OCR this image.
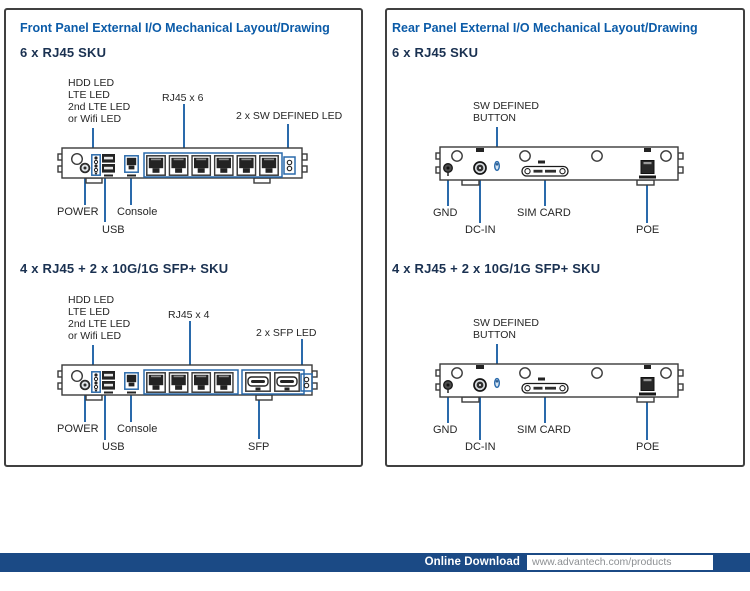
Front Panel External I/O Mechanical Layout/Drawing
6 x RJ45 SKU
HDD LED
LTE LED
2nd LTE LED
or Wifi LED
RJ45 x 6
2 x SW DEFINED LED
POWER Console
USB
4 x RJ45 + 2 x 10G/1G SFP+ SKU
HDD LED
LTE LED
2nd LTE LED
or Wifi LED
RJ45 x 4
2 x SFP LED
POWER Console
USB	SFP
Rear Panel External I/O Mechanical Layout/Drawing
6 x RJ45 SKU
SW DEFINED
BUTTON
GND
DC-IN
SIM CARD
POE
4 x RJ45 + 2 x 10G/1G SFP+ SKU
SW DEFINED
BUTTON
GND
DC-IN
SIM CARD
POE
Online Download	www.advantech.com/products
